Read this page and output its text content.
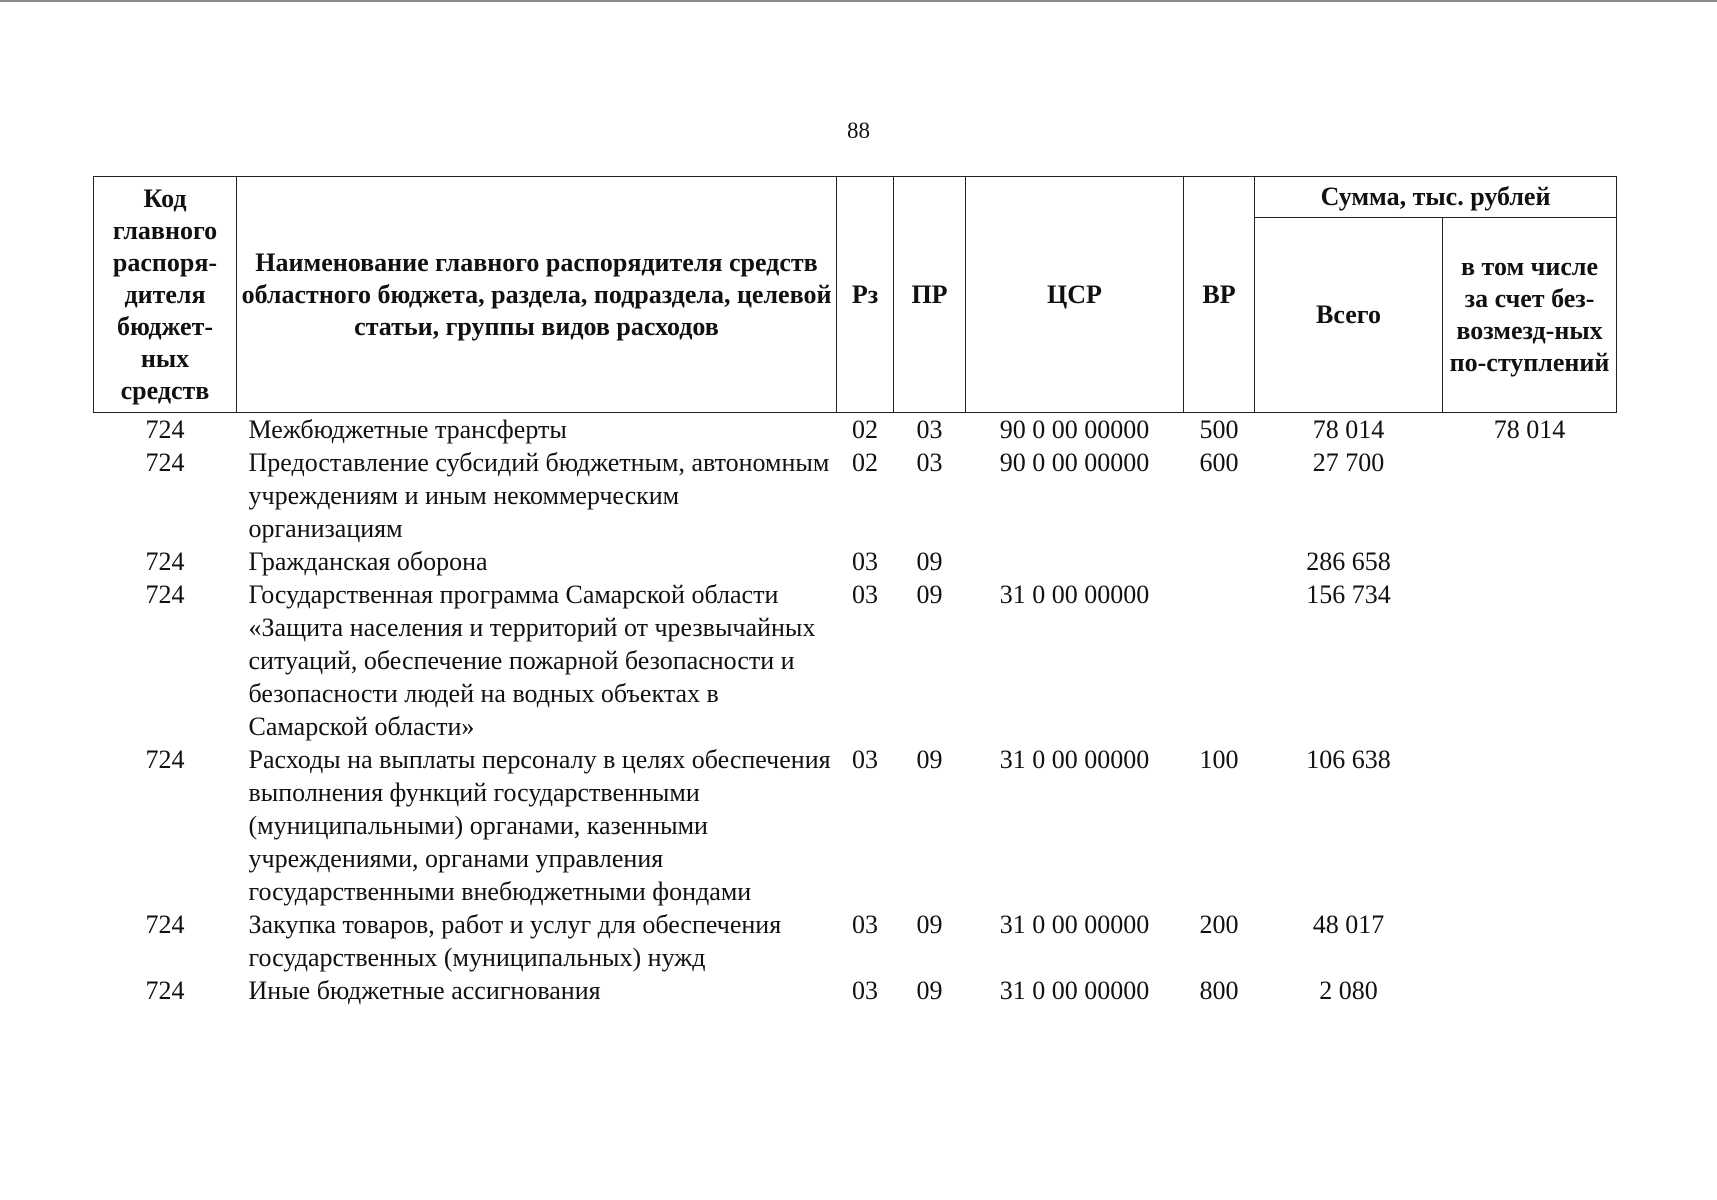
88
Код главного распоря-дителя бюджет-ных средств	Наименование главного распорядителя средств областного бюджета, раздела, подраздела, целевой статьи, группы видов расходов	Рз	ПР	ЦСР	ВР	Сумма, тыс. рублей	
						Всего	в том числе за счет без-возмезд-ных по-ступлений
724	Межбюджетные трансферты	02	03	90 0 00 00000	500	78 014	78 014
724	Предоставление субсидий бюджетным, автономным учреждениям и иным некоммерческим организациям	02	03	90 0 00 00000	600	27 700	
724	Гражданская оборона	03	09			286 658	
724	Государственная программа Самарской области «Защита населения и территорий от чрезвычайных ситуаций, обеспечение пожарной безопасности и безопасности людей на водных объектах в Самарской области»	03	09	31 0 00 00000		156 734	
724	Расходы на выплаты персоналу в целях обеспечения выполнения функций государственными (муниципальными) органами, казенными учреждениями, органами управления государственными внебюджетными фондами	03	09	31 0 00 00000	100	106 638	
724	Закупка товаров, работ и услуг для обеспечения государственных (муниципальных) нужд	03	09	31 0 00 00000	200	48 017	
724	Иные бюджетные ассигнования	03	09	31 0 00 00000	800	2 080	
